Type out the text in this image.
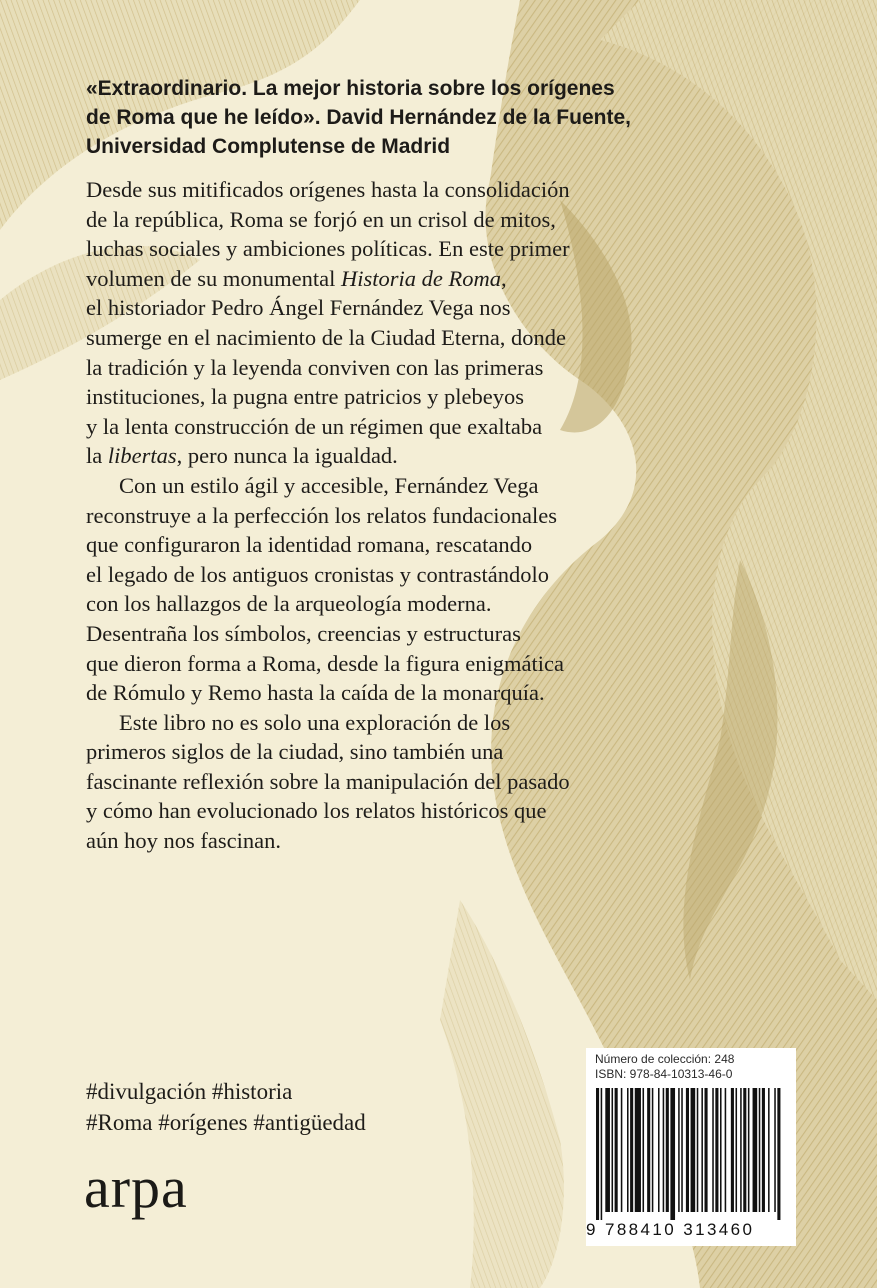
«Extraordinario. La mejor historia sobre los orígenes
de Roma que he leído». David Hernández de la Fuente,
Universidad Complutense de Madrid
Desde sus mitificados orígenes hasta la consolidación
de la república, Roma se forjó en un crisol de mitos,
luchas sociales y ambiciones políticas. En este primer
volumen de su monumental Historia de Roma,
el historiador Pedro Ángel Fernández Vega nos
sumerge en el nacimiento de la Ciudad Eterna, donde
la tradición y la leyenda conviven con las primeras
instituciones, la pugna entre patricios y plebeyos
y la lenta construcción de un régimen que exaltaba
la libertas, pero nunca la igualdad.
Con un estilo ágil y accesible, Fernández Vega
reconstruye a la perfección los relatos fundacionales
que configuraron la identidad romana, rescatando
el legado de los antiguos cronistas y contrastándolo
con los hallazgos de la arqueología moderna.
Desentraña los símbolos, creencias y estructuras
que dieron forma a Roma, desde la figura enigmática
de Rómulo y Remo hasta la caída de la monarquía.
Este libro no es solo una exploración de los
primeros siglos de la ciudad, sino también una
fascinante reflexión sobre la manipulación del pasado
y cómo han evolucionado los relatos históricos que
aún hoy nos fascinan.
#divulgación #historia
#Roma #orígenes #antigüedad
arpa
Número de colección: 248
ISBN: 978-84-10313-46-0
9 788410 313460
